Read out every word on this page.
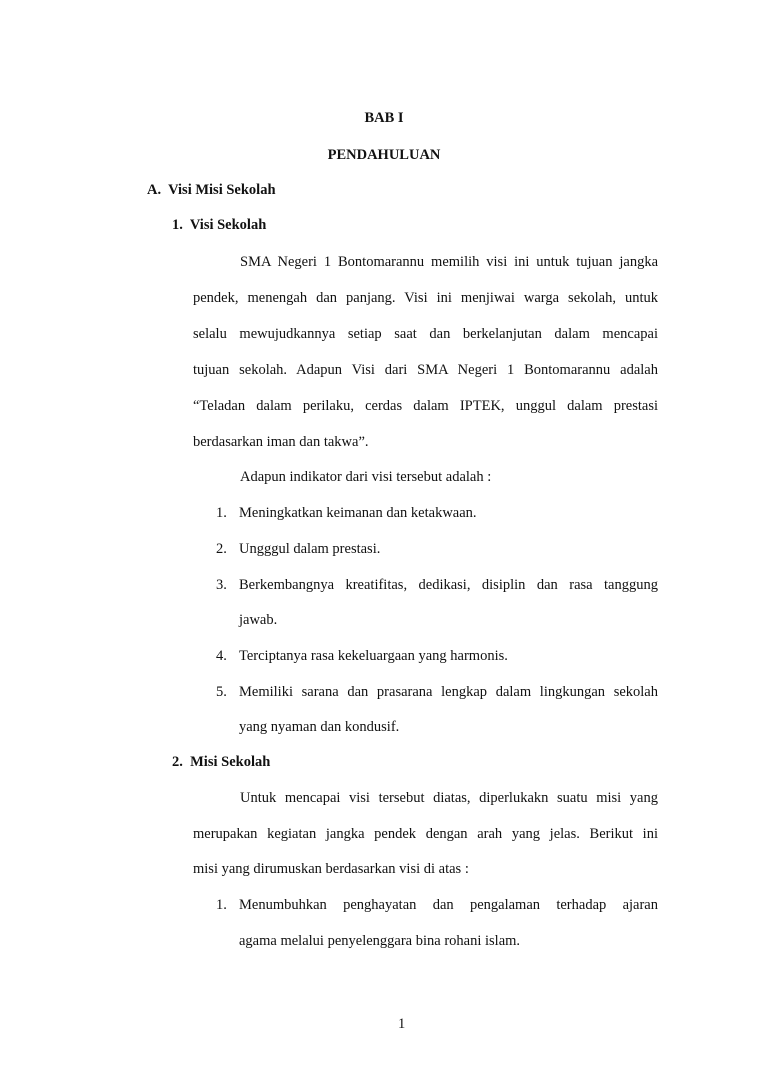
BAB I
PENDAHULUAN
A.  Visi Misi Sekolah
1.  Visi Sekolah
SMA Negeri 1 Bontomarannu memilih visi ini untuk tujuan jangka
pendek, menengah dan panjang. Visi ini menjiwai warga sekolah, untuk
selalu mewujudkannya setiap saat dan berkelanjutan dalam mencapai
tujuan sekolah. Adapun Visi dari SMA Negeri 1 Bontomarannu adalah
“Teladan dalam perilaku, cerdas dalam IPTEK, unggul dalam prestasi
berdasarkan iman dan takwa”.
Adapun indikator dari visi tersebut adalah :
1. Meningkatkan keimanan dan ketakwaan.
2. Ungggul dalam prestasi.
3. Berkembangnya kreatifitas, dedikasi, disiplin dan rasa tanggung
jawab.
4. Terciptanya rasa kekeluargaan yang harmonis.
5. Memiliki sarana dan prasarana lengkap dalam lingkungan sekolah
yang nyaman dan kondusif.
2.  Misi Sekolah
Untuk mencapai visi tersebut diatas, diperlukakn suatu misi yang
merupakan kegiatan jangka pendek dengan arah yang jelas. Berikut ini
misi yang dirumuskan berdasarkan visi di atas :
1. Menumbuhkan penghayatan dan pengalaman terhadap ajaran
agama melalui penyelenggara bina rohani islam.
1
